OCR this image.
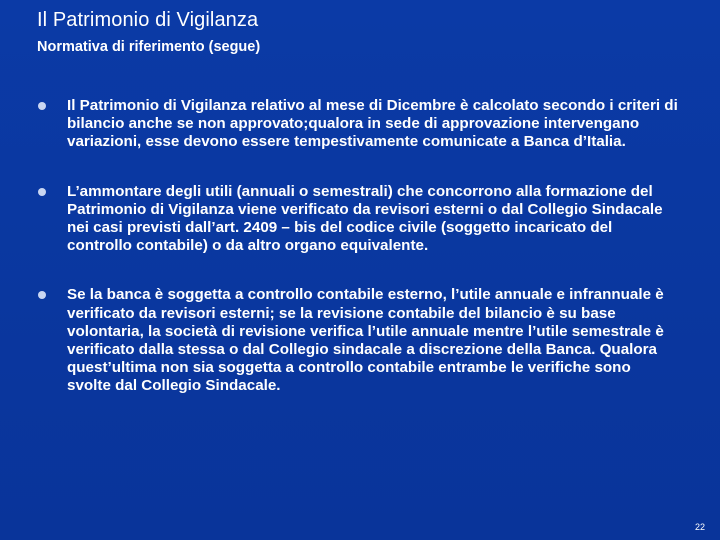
Il Patrimonio di Vigilanza
Normativa di riferimento (segue)
Il Patrimonio di Vigilanza relativo al mese di Dicembre è calcolato secondo i criteri di bilancio anche se non approvato;qualora in sede di approvazione intervengano variazioni, esse devono essere tempestivamente comunicate a Banca d’Italia.
L’ammontare degli utili (annuali o semestrali) che concorrono alla formazione del Patrimonio di Vigilanza viene verificato da revisori esterni o dal Collegio Sindacale nei casi previsti dall’art. 2409 – bis del codice civile (soggetto incaricato del controllo contabile) o da altro organo equivalente.
Se la banca è soggetta a controllo contabile esterno, l’utile annuale e infrannuale è verificato da revisori esterni; se la revisione contabile del bilancio è su base volontaria, la società di revisione verifica l’utile annuale mentre l’utile semestrale è verificato dalla stessa o dal Collegio sindacale a discrezione della Banca. Qualora quest’ultima non sia soggetta a controllo contabile entrambe le verifiche sono svolte dal Collegio Sindacale.
22
